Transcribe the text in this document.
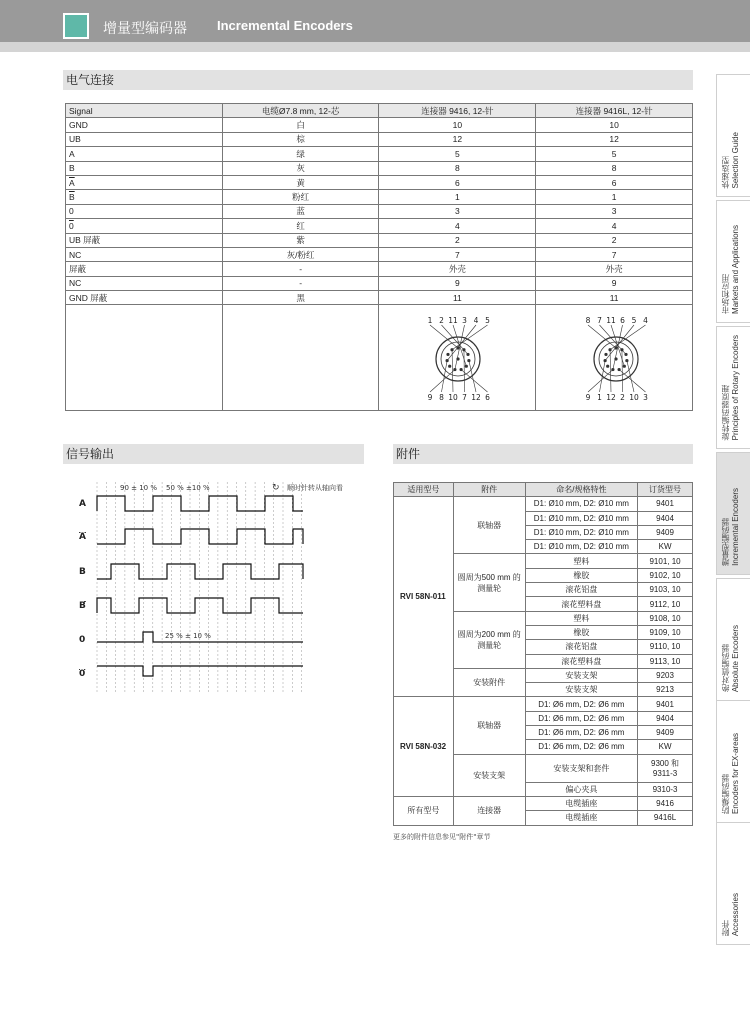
增量型编码器 Incremental Encoders
电气连接
Signal	电缆Ø7.8 mm, 12-芯	连接器 9416, 12-针	连接器 9416L, 12-针
GND	白	10	10
UB	棕	12	12
A	绿	5	5
B	灰	8	8
$\overline{A}$	黄	6	6
$\overline{B}$	粉红	1	1
0	蓝	3	3
0	红	4	4
UB 屏蔽	紫	2	2
NC	灰/粉红	7	7
屏蔽	-	外壳	外壳
NC	-	9	9
GND 屏蔽	黑	11	11

1 2 11 3 4 5
9 8 10 7 12 6
8 7 11 6 5 4
9 1 12 2 10 3
信号输出
A
A
B
B
0
0
↻ 顺时针转从轴向看
90 ± 10 % 50 % ±10 %
25 % ± 10 %
附件
适用型号	附件	命名/规格特性	订货型号
RVI 58N-011	联轴器	D1: Ø10 mm, D2: Ø10 mm	9401
		D1: Ø10 mm, D2: Ø10 mm	9404
		D1: Ø10 mm, D2: Ø10 mm	9409
		D1: Ø10 mm, D2: Ø10 mm	KW
	圆周为500 mm 的测量轮	塑料	9101, 10
		橡胶	9102, 10
		滚花铝盘	9103, 10
		滚花塑料盘	9112, 10
	圆周为200 mm 的测量轮	塑料	9108, 10
		橡胶	9109, 10
		滚花铝盘	9110, 10
		滚花塑料盘	9113, 10
	安装附件	安装支架	9203
		安装支架	9213
RVI 58N-032	联轴器	D1: Ø6 mm, D2: Ø6 mm	9401
		D1: Ø6 mm, D2: Ø6 mm	9404
		D1: Ø6 mm, D2: Ø6 mm	9409
		D1: Ø6 mm, D2: Ø6 mm	KW
	安装支架	安装支架和套件	9300 和 9311-3
		偏心夹具	9310-3
所有型号	连接器	电缆插座	9416
		电缆插座	9416L
更多的附件信息参见"附件"章节
快速选型
Selection Guide
市场和应用
Markets and Applications
旋转编码器原理
Principles of Rotary Encoders
增量型编码器
Incremental Encoders
绝对值编码器
Absolute Encoders
防爆编码器
Encoders for EX-areas
附件
Accessories
